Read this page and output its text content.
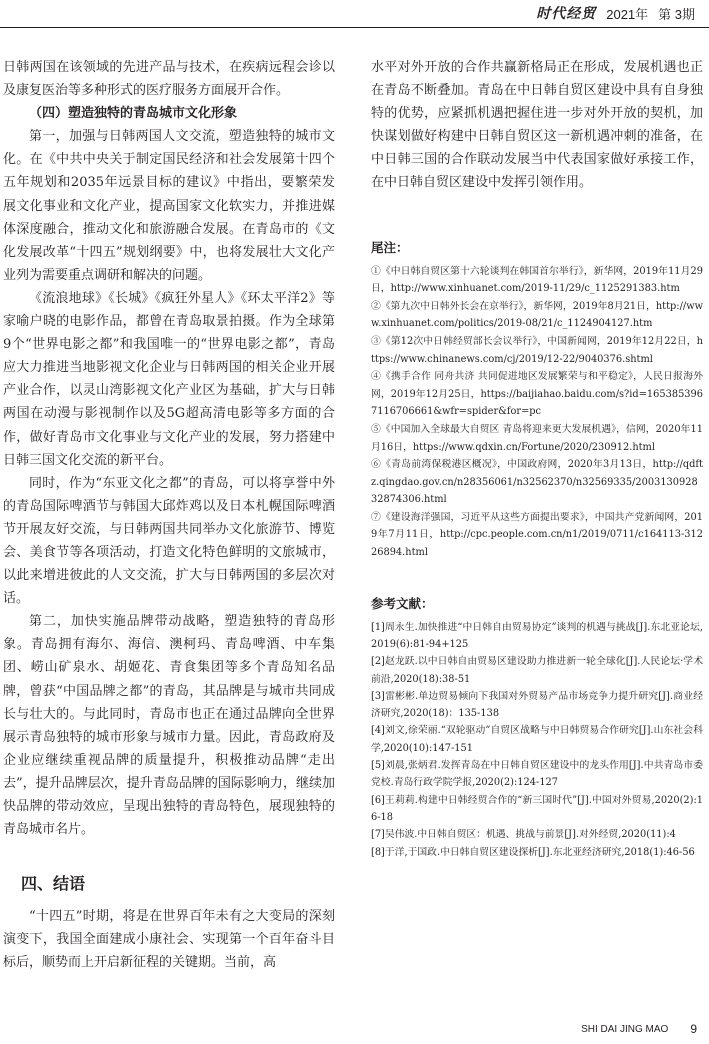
时代经贸 2021年 第 3期

日韩两国在该领域的先进产品与技术，在疾病远程会诊以及康复医治等多种形式的医疗服务方面展开合作。

（四）塑造独特的青岛城市文化形象

第一，加强与日韩两国人文交流，塑造独特的城市文化。在《中共中央关于制定国民经济和社会发展第十四个五年规划和2035年远景目标的建议》中指出，要繁荣发展文化事业和文化产业，提高国家文化软实力，并推进媒体深度融合，推动文化和旅游融合发展。在青岛市的《文化发展改革“十四五”规划纲要》中，也将发展壮大文化产业列为需要重点调研和解决的问题。

《流浪地球》《长城》《疯狂外星人》《环太平洋2》等家喻户晓的电影作品，都曾在青岛取景拍摄。作为全球第9个“世界电影之都”和我国唯一的“世界电影之都”，青岛应大力推进当地影视文化企业与日韩两国的相关企业开展产业合作，以灵山湾影视文化产业区为基础，扩大与日韩两国在动漫与影视制作以及5G超高清电影等多方面的合作，做好青岛市文化事业与文化产业的发展，努力搭建中日韩三国文化交流的新平台。

同时，作为“东亚文化之都”的青岛，可以将享誉中外的青岛国际啤酒节与韩国大邱炸鸡以及日本札幌国际啤酒节开展友好交流，与日韩两国共同举办文化旅游节、博览会、美食节等各项活动，打造文化特色鲜明的文旅城市，以此来增进彼此的人文交流，扩大与日韩两国的多层次对话。

第二，加快实施品牌带动战略，塑造独特的青岛形象。青岛拥有海尔、海信、澳柯玛、青岛啤酒、中车集团、崂山矿泉水、胡姬花、青食集团等多个青岛知名品牌，曾获“中国品牌之都”的青岛，其品牌是与城市共同成长与壮大的。与此同时，青岛市也正在通过品牌向全世界展示青岛独特的城市形象与城市力量。因此，青岛政府及企业应继续重视品牌的质量提升，积极推动品牌“走出去”，提升品牌层次，提升青岛品牌的国际影响力，继续加快品牌的带动效应，呈现出独特的青岛特色，展现独特的青岛城市名片。

四、结语

“十四五”时期，将是在世界百年未有之大变局的深刻演变下，我国全面建成小康社会、实现第一个百年奋斗目标后，顺势而上开启新征程的关键期。当前，高

水平对外开放的合作共赢新格局正在形成，发展机遇也正在青岛不断叠加。青岛在中日韩自贸区建设中具有自身独特的优势，应紧抓机遇把握住进一步对外开放的契机，加快谋划做好构建中日韩自贸区这一新机遇冲刺的准备，在中日韩三国的合作联动发展当中代表国家做好承接工作，在中日韩自贸区建设中发挥引领作用。

尾注：

①《中日韩自贸区第十六轮谈判在韩国首尔举行》，新华网，2019年11月29日，http://www.xinhuanet.com/2019-11/29/c_1125291383.htm

②《第九次中日韩外长会在京举行》，新华网，2019年8月21日，http://www.xinhuanet.com/politics/2019-08/21/c_1124904127.htm

③《第12次中日韩经贸部长会议举行》，中国新闻网，2019年12月22日，https://www.chinanews.com/cj/2019/12-22/9040376.shtml

④《携手合作 同舟共济 共同促进地区发展繁荣与和平稳定》，人民日报海外网，2019年12月25日，https://baijiahao.baidu.com/s?id=1653853967116706661&wfr=spider&for=pc

⑤《中国加入全球最大自贸区 青岛将迎来更大发展机遇》，信网，2020年11月16日，https://www.qdxin.cn/Fortune/2020/230912.html

⑥《青岛前湾保税港区概况》，中国政府网，2020年3月13日，http://qdftz.qingdao.gov.cn/n28356061/n32562370/n32569335/200313092832874306.html

⑦《建设海洋强国，习近平从这些方面提出要求》，中国共产党新闻网，2019年7月11日，http://cpc.people.com.cn/n1/2019/0711/c164113-31226894.html

参考文献：

[1]周永生.加快推进“中日韩自由贸易协定”谈判的机遇与挑战[J].东北亚论坛,2019(6):81-94+125

[2]赵龙跃.以中日韩自由贸易区建设助力推进新一轮全球化[J].人民论坛·学术前沿,2020(18):38-51

[3]雷彬彬.单边贸易倾向下我国对外贸易产品市场竞争力提升研究[J].商业经济研究,2020(18)：135-138

[4]刘文,徐荣丽.“双轮驱动”自贸区战略与中日韩贸易合作研究[J].山东社会科学,2020(10):147-151

[5]刘晨,张炳君.发挥青岛在中日韩自贸区建设中的龙头作用[J].中共青岛市委党校.青岛行政学院学报,2020(2):124-127

[6]王莉莉.构建中日韩经贸合作的“新三国时代”[J].中国对外贸易,2020(2):16-18

[7]吴伟波.中日韩自贸区：机遇、挑战与前景[J].对外经贸,2020(11):4

[8]于洋,于国政.中日韩自贸区建设探析[J].东北亚经济研究,2018(1):46-56

SHI DAI JING MAO 9
